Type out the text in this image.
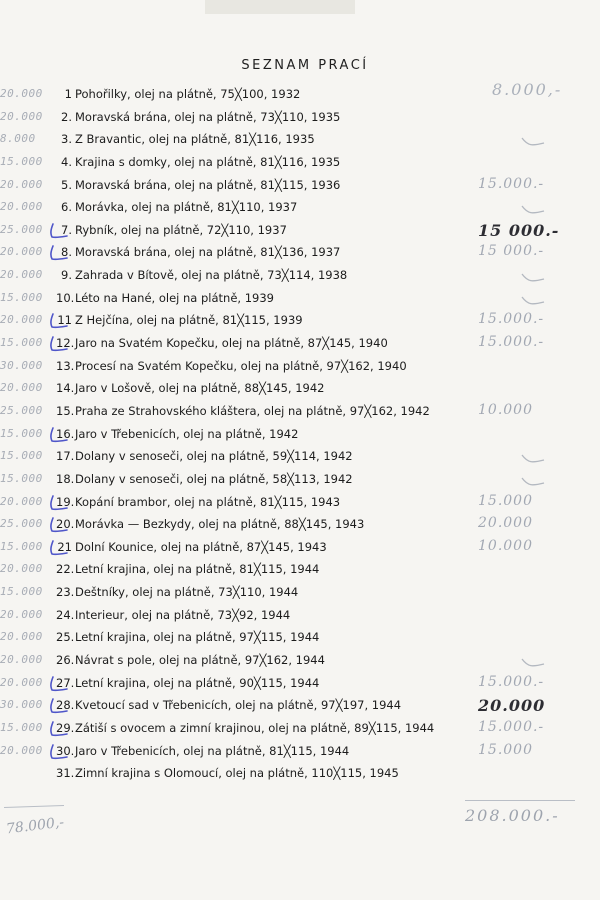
SEZNAM PRACÍ
8.000,-
20.000	1 Pohořilky, olej na plátně, 75╳100, 1932
20.000	2. Moravská brána, olej na plátně, 73╳110, 1935
8.000	3. Z Bravantic, olej na plátně, 81╳116, 1935
15.000	4. Krajina s domky, olej na plátně, 81╳116, 1935
20.000	5. Moravská brána, olej na plátně, 81╳115, 1936	15.000.-
20.000	6. Morávka, olej na plátně, 81╳110, 1937
25.000	7. Rybník, olej na plátně, 72╳110, 1937	15 000.-
20.000	8. Moravská brána, olej na plátně, 81╳136, 1937	15 000.-
20.000	9. Zahrada v Bítově, olej na plátně, 73╳114, 1938
15.000	10. Léto na Hané, olej na plátně, 1939
20.000	11 Z Hejčína, olej na plátně, 81╳115, 1939	15.000.-
15.000	12. Jaro na Svatém Kopečku, olej na plátně, 87╳145, 1940	15.000.-
30.000	13. Procesí na Svatém Kopečku, olej na plátně, 97╳162, 1940
20.000	14. Jaro v Lošově, olej na plátně, 88╳145, 1942
25.000	15. Praha ze Strahovského kláštera, olej na plátně, 97╳162, 1942	10.000
15.000	16. Jaro v Třebenicích, olej na plátně, 1942
15.000	17. Dolany v senoseči, olej na plátně, 59╳114, 1942
15.000	18. Dolany v senoseči, olej na plátně, 58╳113, 1942
20.000	19. Kopání brambor, olej na plátně, 81╳115, 1943	15.000
25.000	20. Morávka — Bezkydy, olej na plátně, 88╳145, 1943	20.000
15.000	21 Dolní Kounice, olej na plátně, 87╳145, 1943	10.000
20.000	22. Letní krajina, olej na plátně, 81╳115, 1944
15.000	23. Deštníky, olej na plátně, 73╳110, 1944
20.000	24. Interieur, olej na plátně, 73╳92, 1944
20.000	25. Letní krajina, olej na plátně, 97╳115, 1944
20.000	26. Návrat s pole, olej na plátně, 97╳162, 1944
20.000	27. Letní krajina, olej na plátně, 90╳115, 1944	15.000.-
30.000	28. Kvetoucí sad v Třebenicích, olej na plátně, 97╳197, 1944	20.000
15.000	29. Zátiší s ovocem a zimní krajinou, olej na plátně, 89╳115, 1944	15.000.-
20.000	30. Jaro v Třebenicích, olej na plátně, 81╳115, 1944	15.000
31. Zimní krajina s Olomoucí, olej na plátně, 110╳115, 1945
78.000,-	208.000.-
